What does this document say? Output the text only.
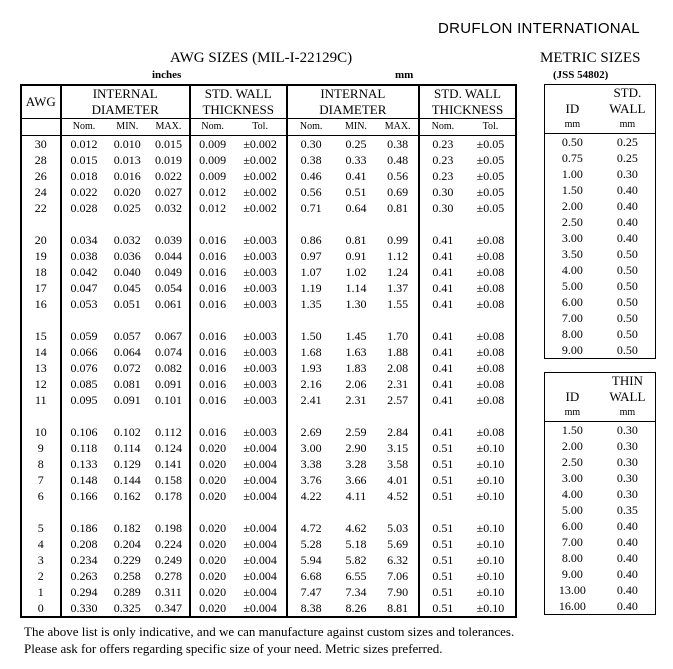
DRUFLON INTERNATIONAL
AWG SIZES (MIL-I-22129C)	METRIC SIZES
inches	mm	(JSS 54802)
AWG	INTERNAL			STD. WALL		INTERNAL			STD. WALL	
	DIAMETER			THICKNESS		DIAMETER			THICKNESS	
	Nom.	MIN.	MAX.	Nom.	Tol.	Nom.	MIN.	MAX.	Nom.	Tol.
30	0.012	0.010	0.015	0.009	±0.002	0.30	0.25	0.38	0.23	±0.05
28	0.015	0.013	0.019	0.009	±0.002	0.38	0.33	0.48	0.23	±0.05
26	0.018	0.016	0.022	0.009	±0.002	0.46	0.41	0.56	0.23	±0.05
24	0.022	0.020	0.027	0.012	±0.002	0.56	0.51	0.69	0.30	±0.05
22	0.028	0.025	0.032	0.012	±0.002	0.71	0.64	0.81	0.30	±0.05

20	0.034	0.032	0.039	0.016	±0.003	0.86	0.81	0.99	0.41	±0.08
19	0.038	0.036	0.044	0.016	±0.003	0.97	0.91	1.12	0.41	±0.08
18	0.042	0.040	0.049	0.016	±0.003	1.07	1.02	1.24	0.41	±0.08
17	0.047	0.045	0.054	0.016	±0.003	1.19	1.14	1.37	0.41	±0.08
16	0.053	0.051	0.061	0.016	±0.003	1.35	1.30	1.55	0.41	±0.08

15	0.059	0.057	0.067	0.016	±0.003	1.50	1.45	1.70	0.41	±0.08
14	0.066	0.064	0.074	0.016	±0.003	1.68	1.63	1.88	0.41	±0.08
13	0.076	0.072	0.082	0.016	±0.003	1.93	1.83	2.08	0.41	±0.08
12	0.085	0.081	0.091	0.016	±0.003	2.16	2.06	2.31	0.41	±0.08
11	0.095	0.091	0.101	0.016	±0.003	2.41	2.31	2.57	0.41	±0.08

10	0.106	0.102	0.112	0.016	±0.003	2.69	2.59	2.84	0.41	±0.08
9	0.118	0.114	0.124	0.020	±0.004	3.00	2.90	3.15	0.51	±0.10
8	0.133	0.129	0.141	0.020	±0.004	3.38	3.28	3.58	0.51	±0.10
7	0.148	0.144	0.158	0.020	±0.004	3.76	3.66	4.01	0.51	±0.10
6	0.166	0.162	0.178	0.020	±0.004	4.22	4.11	4.52	0.51	±0.10

5	0.186	0.182	0.198	0.020	±0.004	4.72	4.62	5.03	0.51	±0.10
4	0.208	0.204	0.224	0.020	±0.004	5.28	5.18	5.69	0.51	±0.10
3	0.234	0.229	0.249	0.020	±0.004	5.94	5.82	6.32	0.51	±0.10
2	0.263	0.258	0.278	0.020	±0.004	6.68	6.55	7.06	0.51	±0.10
1	0.294	0.289	0.311	0.020	±0.004	7.47	7.34	7.90	0.51	±0.10
0	0.330	0.325	0.347	0.020	±0.004	8.38	8.26	8.81	0.51	±0.10
	STD.
ID	WALL
mm	mm
0.50	0.25
0.75	0.25
1.00	0.30
1.50	0.40
2.00	0.40
2.50	0.40
3.00	0.40
3.50	0.50
4.00	0.50
5.00	0.50
6.00	0.50
7.00	0.50
8.00	0.50
9.00	0.50
	THIN
ID	WALL
mm	mm
1.50	0.30
2.00	0.30
2.50	0.30
3.00	0.30
4.00	0.30
5.00	0.35
6.00	0.40
7.00	0.40
8.00	0.40
9.00	0.40
13.00	0.40
16.00	0.40
The above list is only indicative, and we can manufacture against custom sizes and tolerances.
Please ask for offers regarding specific size of your need. Metric sizes preferred.
